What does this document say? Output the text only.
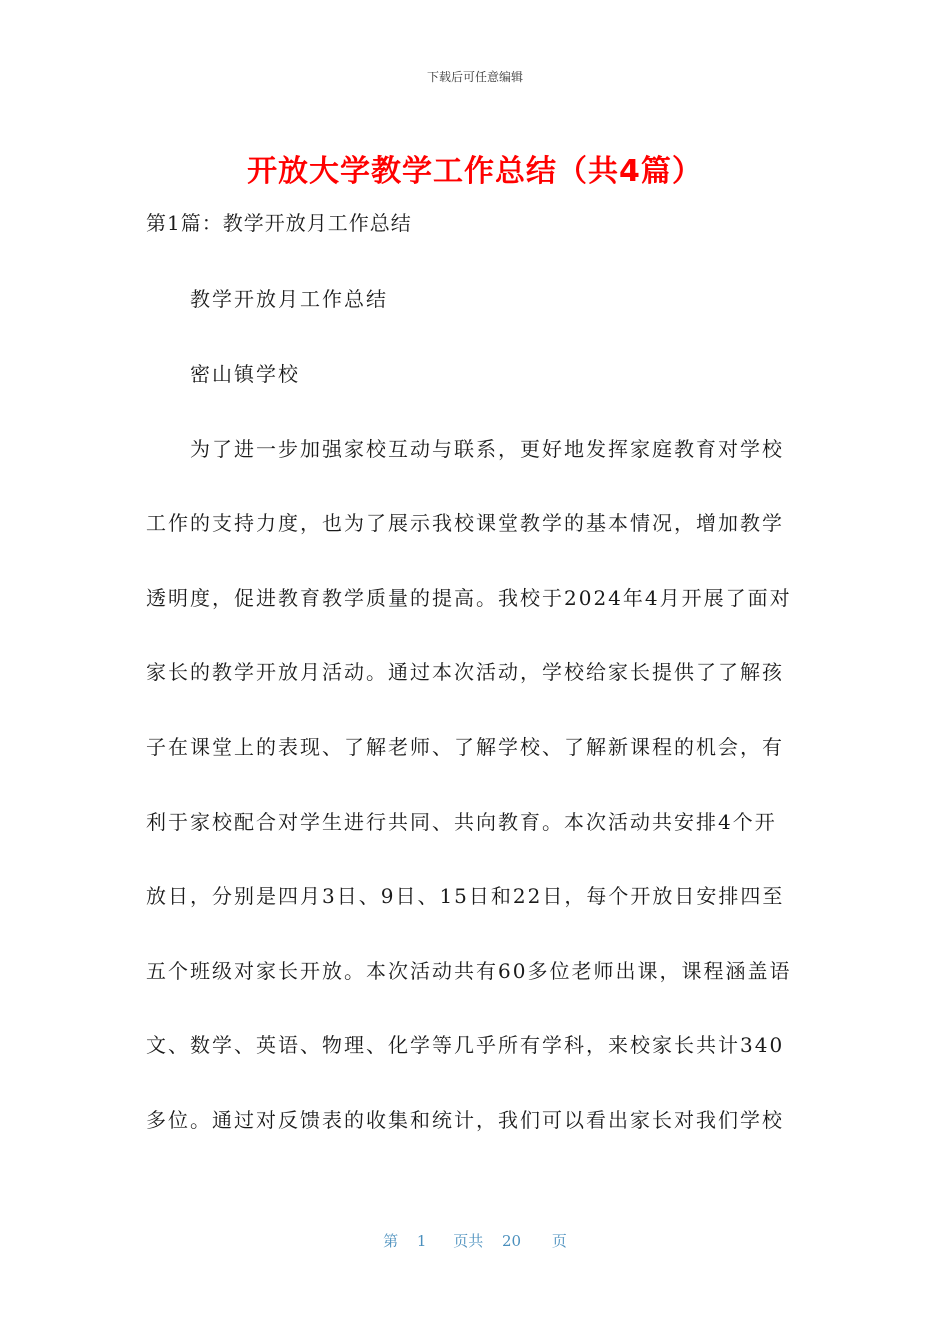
下载后可任意编辑
开放大学教学工作总结（共4篇）
第1篇：教学开放月工作总结
教学开放月工作总结
密山镇学校
为了进一步加强家校互动与联系，更好地发挥家庭教育对学校
工作的支持力度，也为了展示我校课堂教学的基本情况，增加教学
透明度，促进教育教学质量的提高。我校于2024年4月开展了面对
家长的教学开放月活动。通过本次活动，学校给家长提供了了解孩
子在课堂上的表现、了解老师、了解学校、了解新课程的机会，有
利于家校配合对学生进行共同、共向教育。本次活动共安排4个开
放日，分别是四月3日、9日、15日和22日，每个开放日安排四至
五个班级对家长开放。本次活动共有60多位老师出课，课程涵盖语
文、数学、英语、物理、化学等几乎所有学科，来校家长共计340
多位。通过对反馈表的收集和统计，我们可以看出家长对我们学校
第 1 页共 20 页
